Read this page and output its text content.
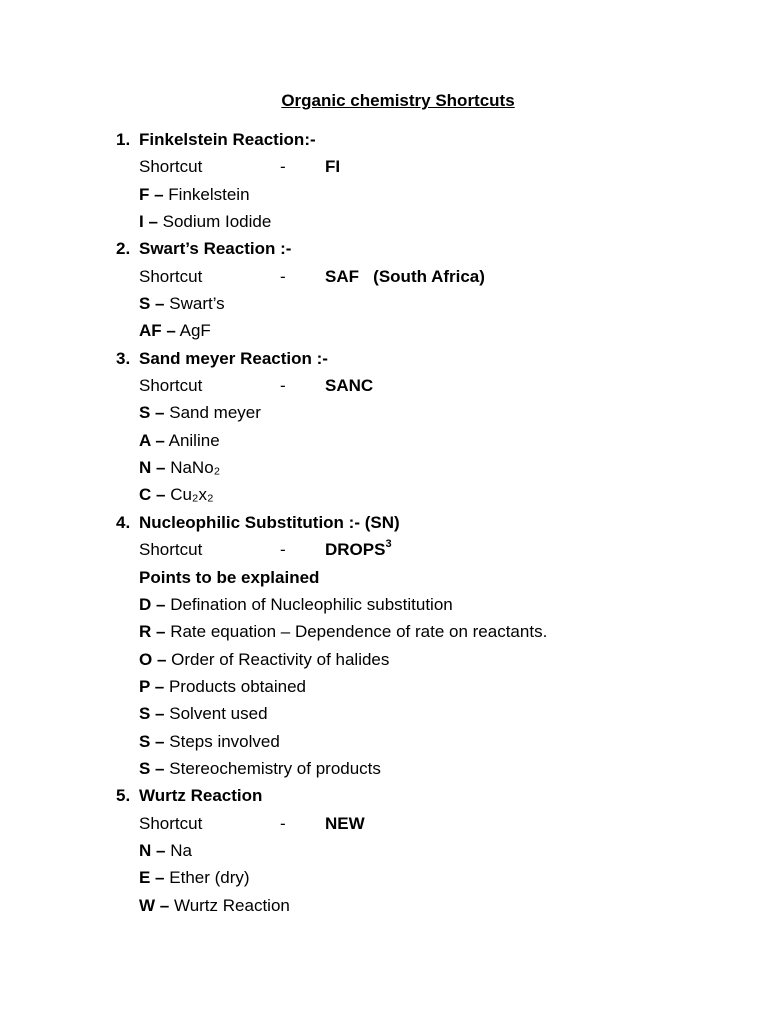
Organic chemistry Shortcuts
1. Finkelstein Reaction:-
Shortcut	- FI
F – Finkelstein
I – Sodium Iodide
2. Swart’s Reaction :-
Shortcut	- SAF   (South Africa)
S – Swart’s
AF – AgF
3. Sand meyer Reaction :-
Shortcut	- SANC
S – Sand meyer
A – Aniline
N – NaNo₂
C – Cu₂x₂
4. Nucleophilic Substitution :- (SN)
Shortcut	- DROPS$^3$
Points to be explained
D – Defination of Nucleophilic substitution
R – Rate equation – Dependence of rate on reactants.
O – Order of Reactivity of halides
P – Products obtained
S – Solvent used
S – Steps involved
S – Stereochemistry of products
5. Wurtz Reaction
Shortcut	- NEW
N – Na
E – Ether (dry)
W – Wurtz Reaction
